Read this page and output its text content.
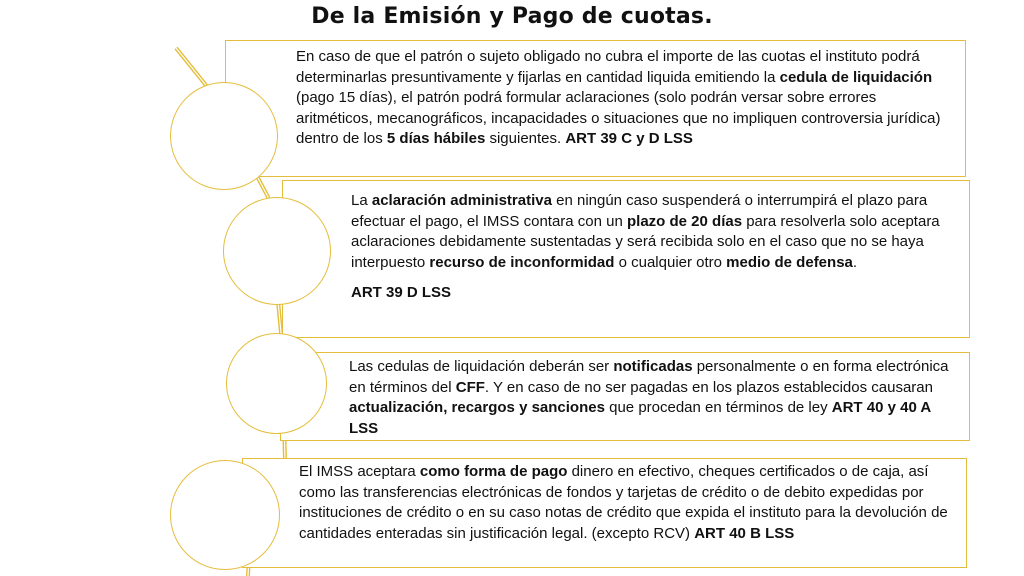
De la Emisión y Pago de cuotas.

En caso de que el patrón o sujeto obligado no cubra el importe de las cuotas el instituto podrá determinarlas presuntivamente y fijarlas en cantidad liquida emitiendo la cedula de liquidación (pago 15 días), el patrón podrá formular aclaraciones (solo podrán versar sobre errores aritméticos, mecanográficos, incapacidades o situaciones que no impliquen controversia jurídica) dentro de los 5 días hábiles siguientes. ART 39 C y D LSS

La aclaración administrativa en ningún caso suspenderá o interrumpirá el plazo para efectuar el pago, el IMSS contara con un plazo de 20 días para resolverla solo aceptara aclaraciones debidamente sustentadas y será recibida solo en el caso que no se haya interpuesto recurso de inconformidad o cualquier otro medio de defensa.

ART 39 D LSS

Las cedulas de liquidación deberán ser notificadas personalmente o en forma electrónica en términos del CFF. Y en caso de no ser pagadas en los plazos establecidos causaran actualización, recargos y sanciones que procedan en términos de ley ART 40 y 40 A LSS

El IMSS aceptara como forma de pago dinero en efectivo, cheques certificados o de caja, así como las transferencias electrónicas de fondos y tarjetas de crédito o de debito expedidas por instituciones de crédito o en su caso notas de crédito que expida el instituto para la devolución de cantidades enteradas sin justificación legal. (excepto RCV) ART 40 B LSS
